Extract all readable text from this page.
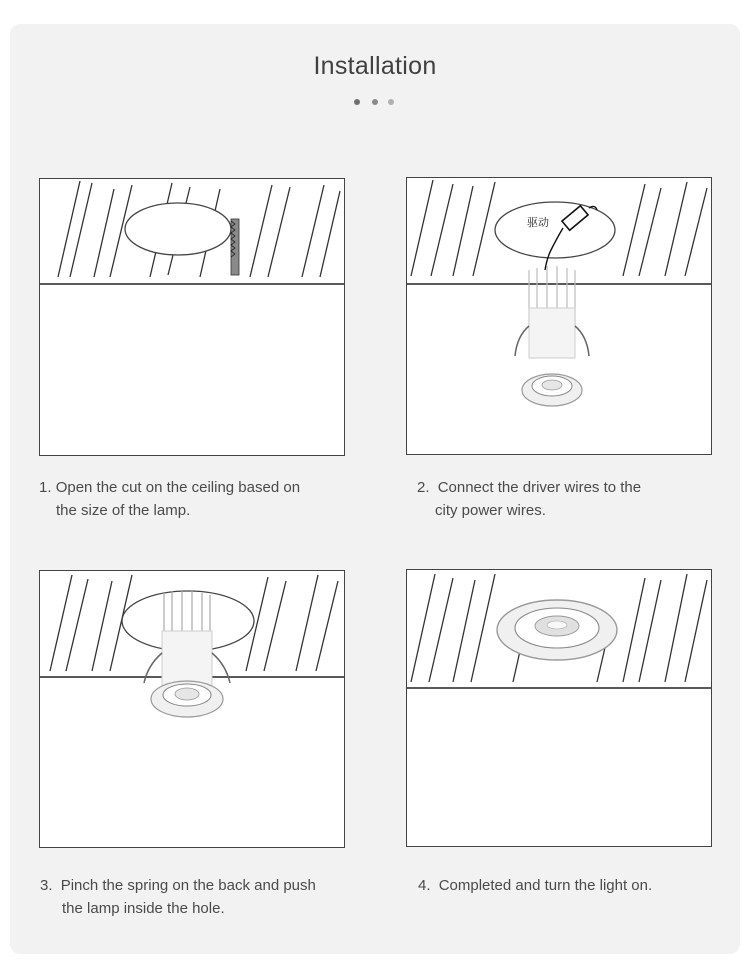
Installation
1. Open the cut on the ceiling based on
the size of the lamp.
驱动
2. Connect the driver wires to the
city power wires.
3. Pinch the spring on the back and push
the lamp inside the hole.
4. Completed and turn the light on.
